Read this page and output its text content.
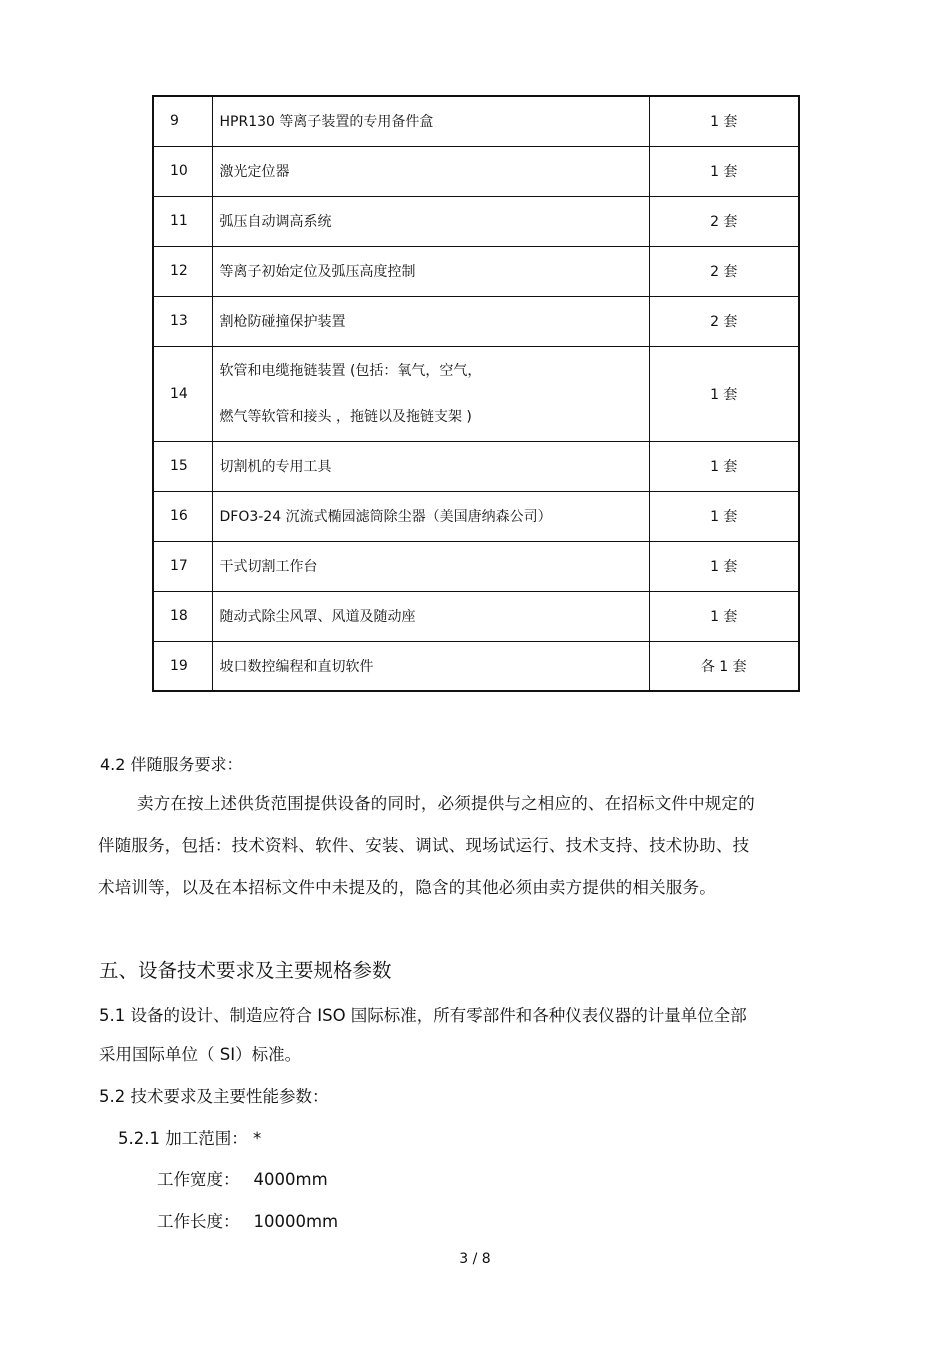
9	HPR130 等离子装置的专用备件盒	1 套
10	激光定位器	1 套
11	弧压自动调高系统	2 套
12	等离子初始定位及弧压高度控制	2 套
13	割枪防碰撞保护装置	2 套
14	软管和电缆拖链装置 (包括：氧气，空气，
燃气等软管和接头 ，拖链以及拖链支架 )	1 套
15	切割机的专用工具	1 套
16	DFO3-24 沉流式椭园滤筒除尘器（美国唐纳森公司）	1 套
17	干式切割工作台	1 套
18	随动式除尘风罩、风道及随动座	1 套
19	坡口数控编程和直切软件	各 1 套
4.2 伴随服务要求：
卖方在按上述供货范围提供设备的同时，必须提供与之相应的、在招标文件中规定的
伴随服务，包括：技术资料、软件、安装、调试、现场试运行、技术支持、技术协助、技
术培训等，以及在本招标文件中未提及的，隐含的其他必须由卖方提供的相关服务。
五、设备技术要求及主要规格参数
5.1 设备的设计、制造应符合 ISO 国际标准，所有零部件和各种仪表仪器的计量单位全部
采用国际单位（ SI）标准。
5.2 技术要求及主要性能参数：
5.2.1 加工范围： *
工作宽度： 4000mm
工作长度： 10000mm
3 / 8
